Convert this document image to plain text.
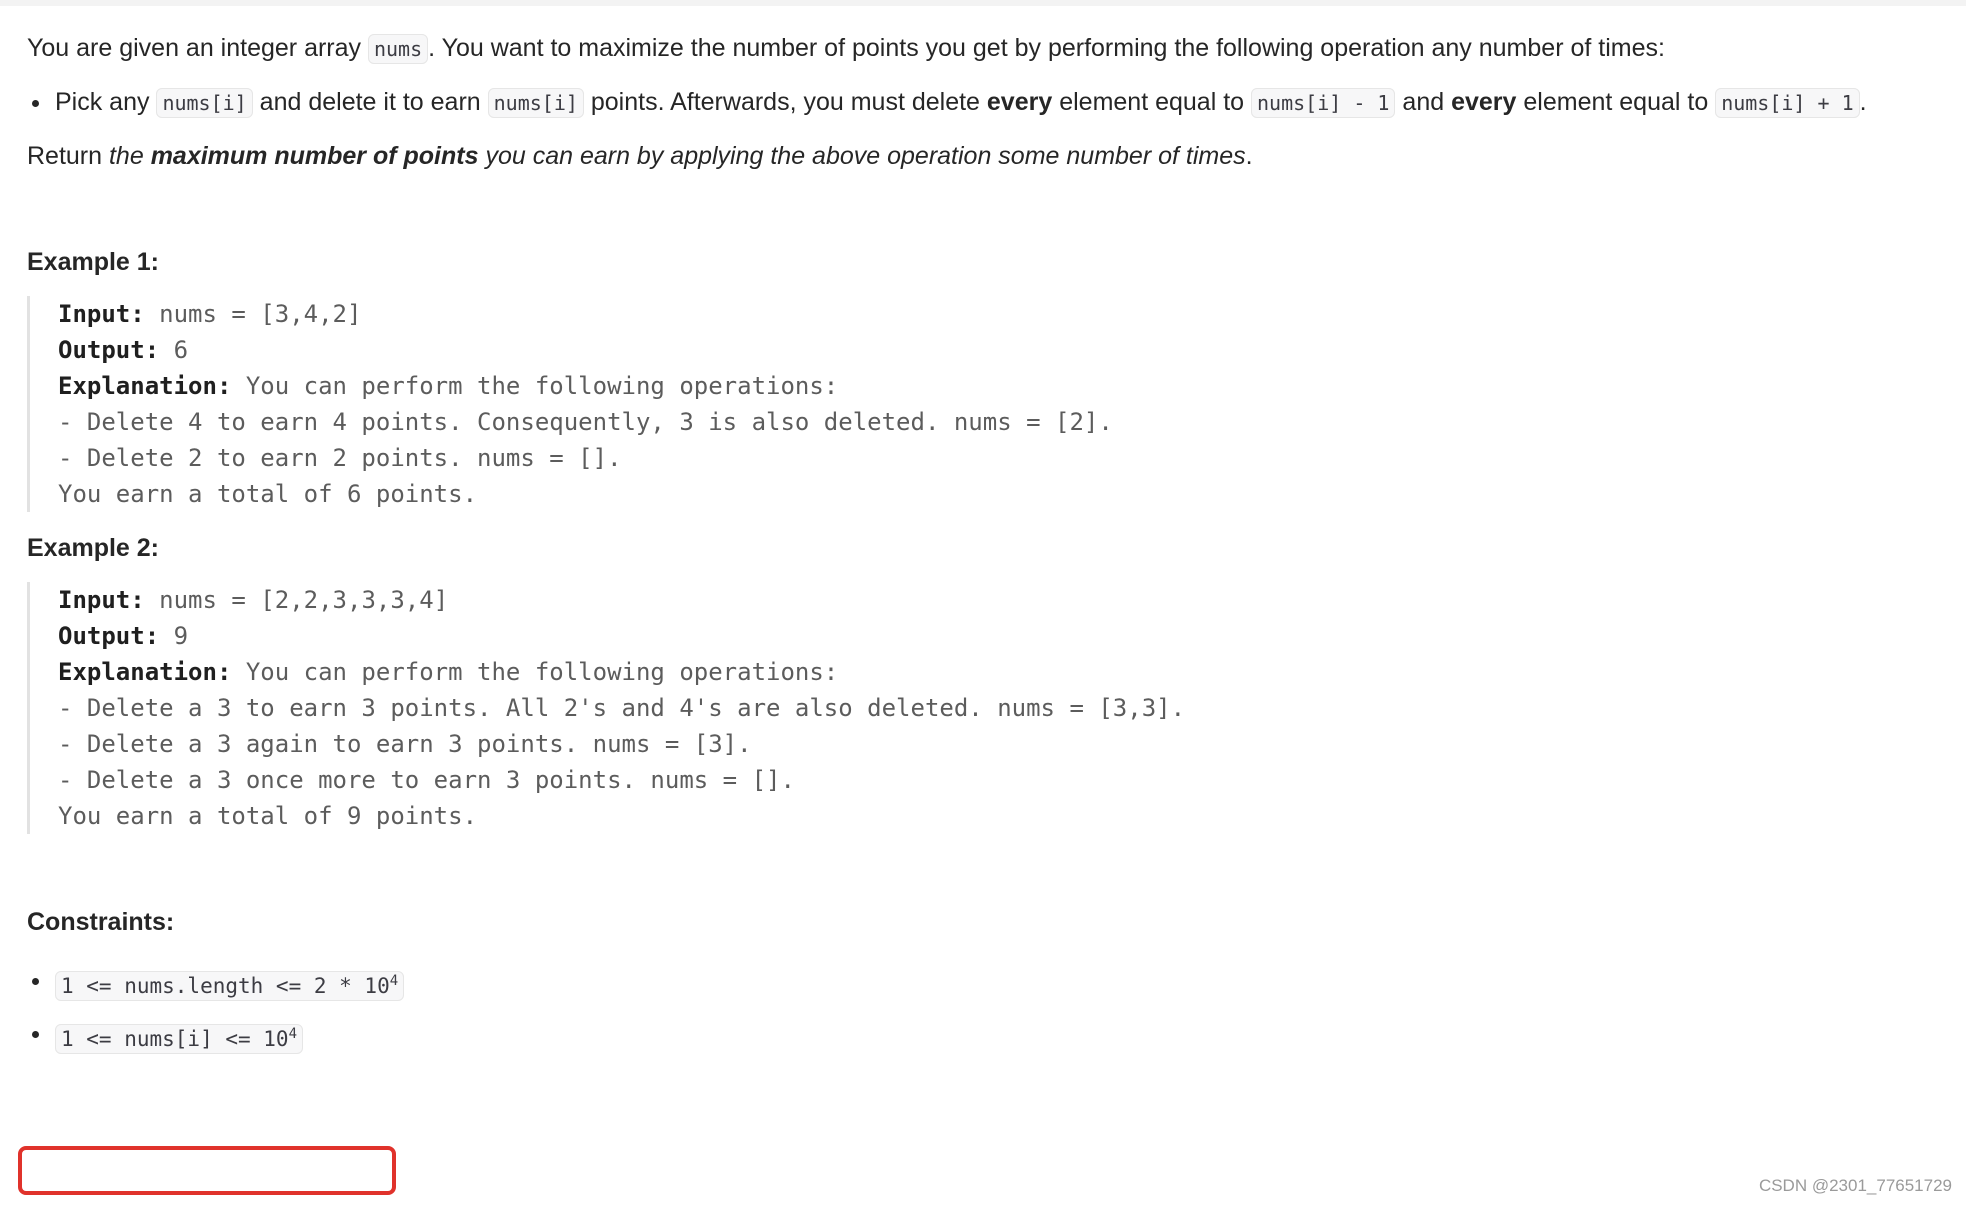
You are given an integer array nums . You want to maximize the number of points you get by performing the following operation any number of times:

Pick any nums[i] and delete it to earn nums[i] points. Afterwards, you must delete every element equal to nums[i] - 1 and every element equal to nums[i] + 1 .

Return the maximum number of points you can earn by applying the above operation some number of times.

Example 1:

Input: nums = [3,4,2]
Output: 6
Explanation: You can perform the following operations:
- Delete 4 to earn 4 points. Consequently, 3 is also deleted. nums = [2].
- Delete 2 to earn 2 points. nums = [].
You earn a total of 6 points.

Example 2:

Input: nums = [2,2,3,3,3,4]
Output: 9
Explanation: You can perform the following operations:
- Delete a 3 to earn 3 points. All 2's and 4's are also deleted. nums = [3,3].
- Delete a 3 again to earn 3 points. nums = [3].
- Delete a 3 once more to earn 3 points. nums = [].
You earn a total of 9 points.

Constraints:

1 <= nums.length <= $2 * 10^4$
1 <= nums[i] <= $10^4$
CSDN @2301_77651729
